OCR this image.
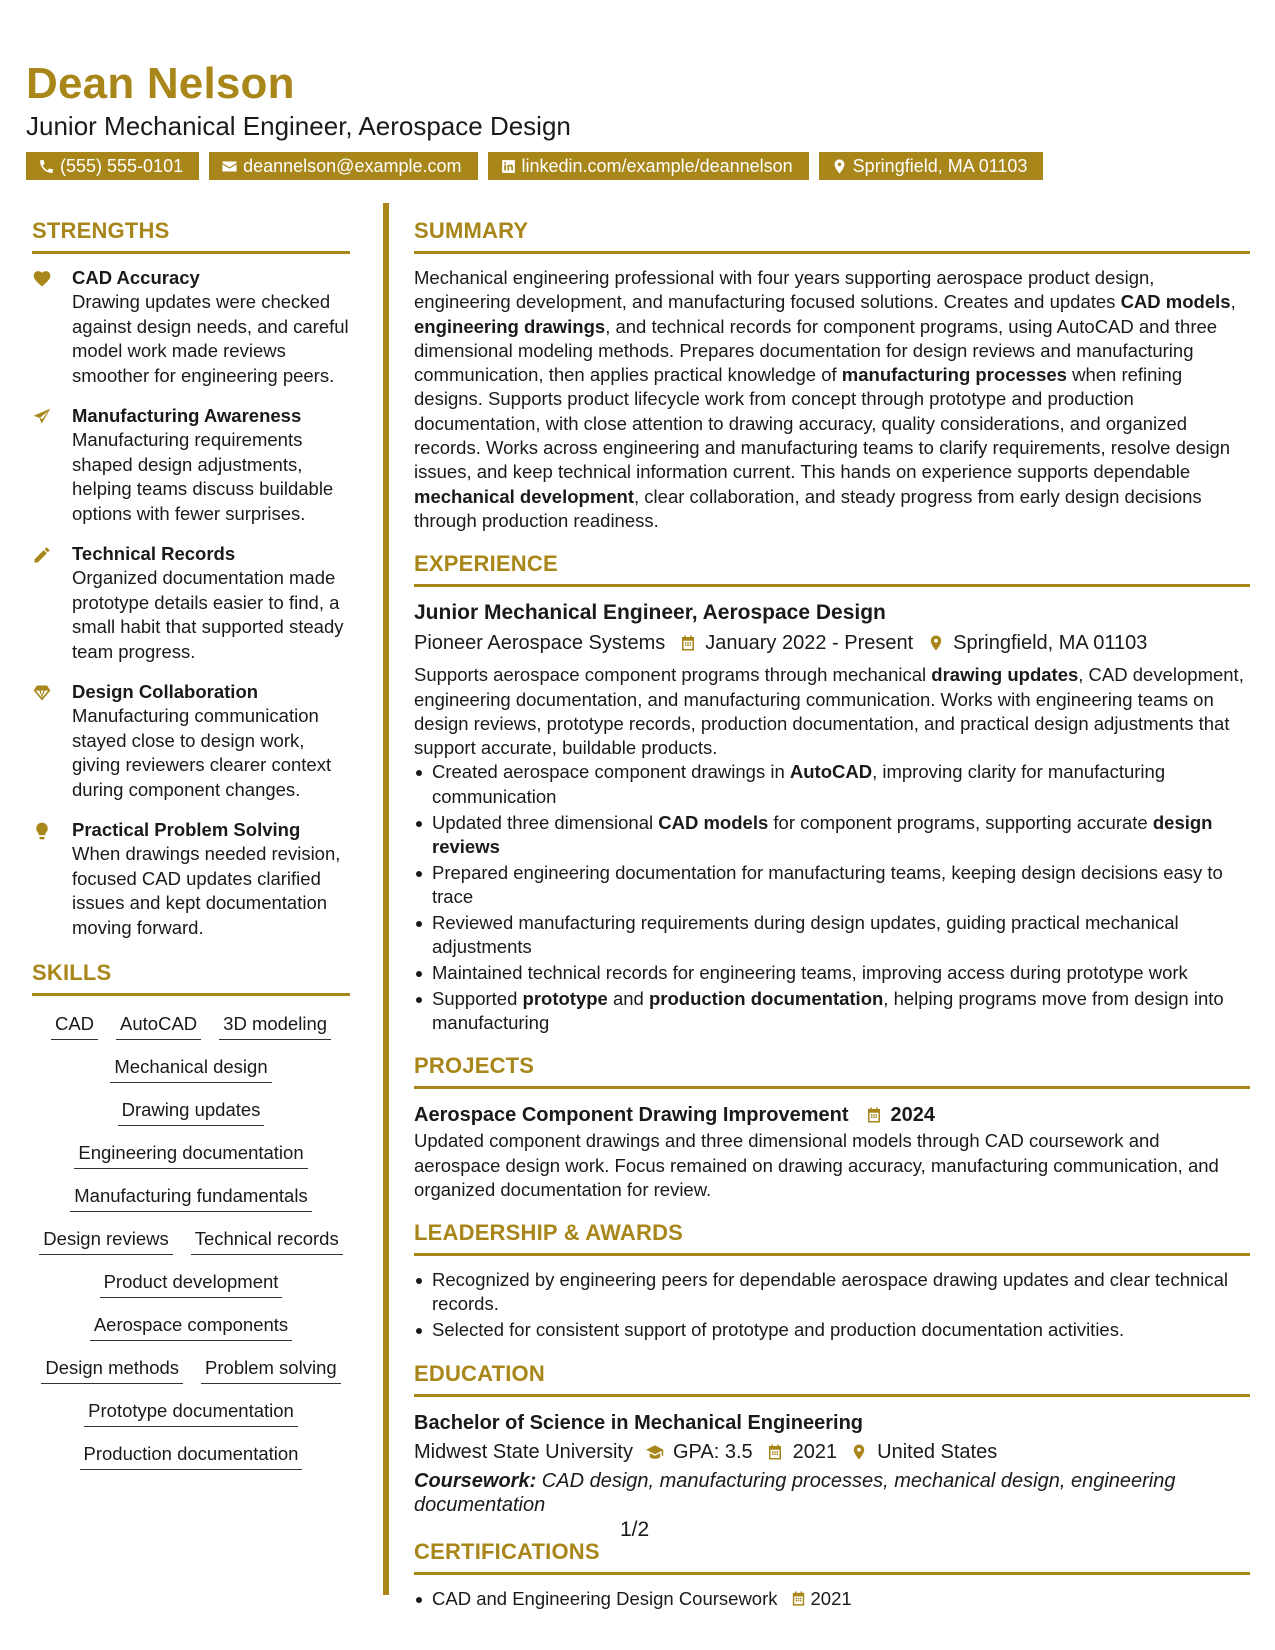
Dean Nelson
Junior Mechanical Engineer, Aerospace Design
(555) 555-0101	deannelson@example.com	linkedin.com/example/deannelson	Springfield, MA 01103
STRENGTHS
CAD Accuracy
Drawing updates were checked against design needs, and careful model work made reviews smoother for engineering peers.
Manufacturing Awareness
Manufacturing requirements shaped design adjustments, helping teams discuss buildable options with fewer surprises.
Technical Records
Organized documentation made prototype details easier to find, a small habit that supported steady team progress.
Design Collaboration
Manufacturing communication stayed close to design work, giving reviewers clearer context during component changes.
Practical Problem Solving
When drawings needed revision, focused CAD updates clarified issues and kept documentation moving forward.
SKILLS
CAD AutoCAD 3D modeling
Mechanical design
Drawing updates
Engineering documentation
Manufacturing fundamentals
Design reviews Technical records
Product development
Aerospace components
Design methods Problem solving
Prototype documentation
Production documentation
SUMMARY
Mechanical engineering professional with four years supporting aerospace product design, engineering development, and manufacturing focused solutions. Creates and updates CAD models, engineering drawings, and technical records for component programs, using AutoCAD and three dimensional modeling methods. Prepares documentation for design reviews and manufacturing communication, then applies practical knowledge of manufacturing processes when refining designs. Supports product lifecycle work from concept through prototype and production documentation, with close attention to drawing accuracy, quality considerations, and organized records. Works across engineering and manufacturing teams to clarify requirements, resolve design issues, and keep technical information current. This hands on experience supports dependable mechanical development, clear collaboration, and steady progress from early design decisions through production readiness.
EXPERIENCE
Junior Mechanical Engineer, Aerospace Design
Pioneer Aerospace Systems January 2022 - Present Springfield, MA 01103
Supports aerospace component programs through mechanical drawing updates, CAD development, engineering documentation, and manufacturing communication. Works with engineering teams on design reviews, prototype records, production documentation, and practical design adjustments that support accurate, buildable products.
Created aerospace component drawings in AutoCAD, improving clarity for manufacturing communication
Updated three dimensional CAD models for component programs, supporting accurate design reviews
Prepared engineering documentation for manufacturing teams, keeping design decisions easy to trace
Reviewed manufacturing requirements during design updates, guiding practical mechanical adjustments
Maintained technical records for engineering teams, improving access during prototype work
Supported prototype and production documentation, helping programs move from design into manufacturing
PROJECTS
Aerospace Component Drawing Improvement 2024
Updated component drawings and three dimensional models through CAD coursework and aerospace design work. Focus remained on drawing accuracy, manufacturing communication, and organized documentation for review.
LEADERSHIP & AWARDS
Recognized by engineering peers for dependable aerospace drawing updates and clear technical records.
Selected for consistent support of prototype and production documentation activities.
EDUCATION
Bachelor of Science in Mechanical Engineering
Midwest State University GPA: 3.5 2021 United States
Coursework: CAD design, manufacturing processes, mechanical design, engineering documentation
CERTIFICATIONS
CAD and Engineering Design Coursework 2021
1/2
